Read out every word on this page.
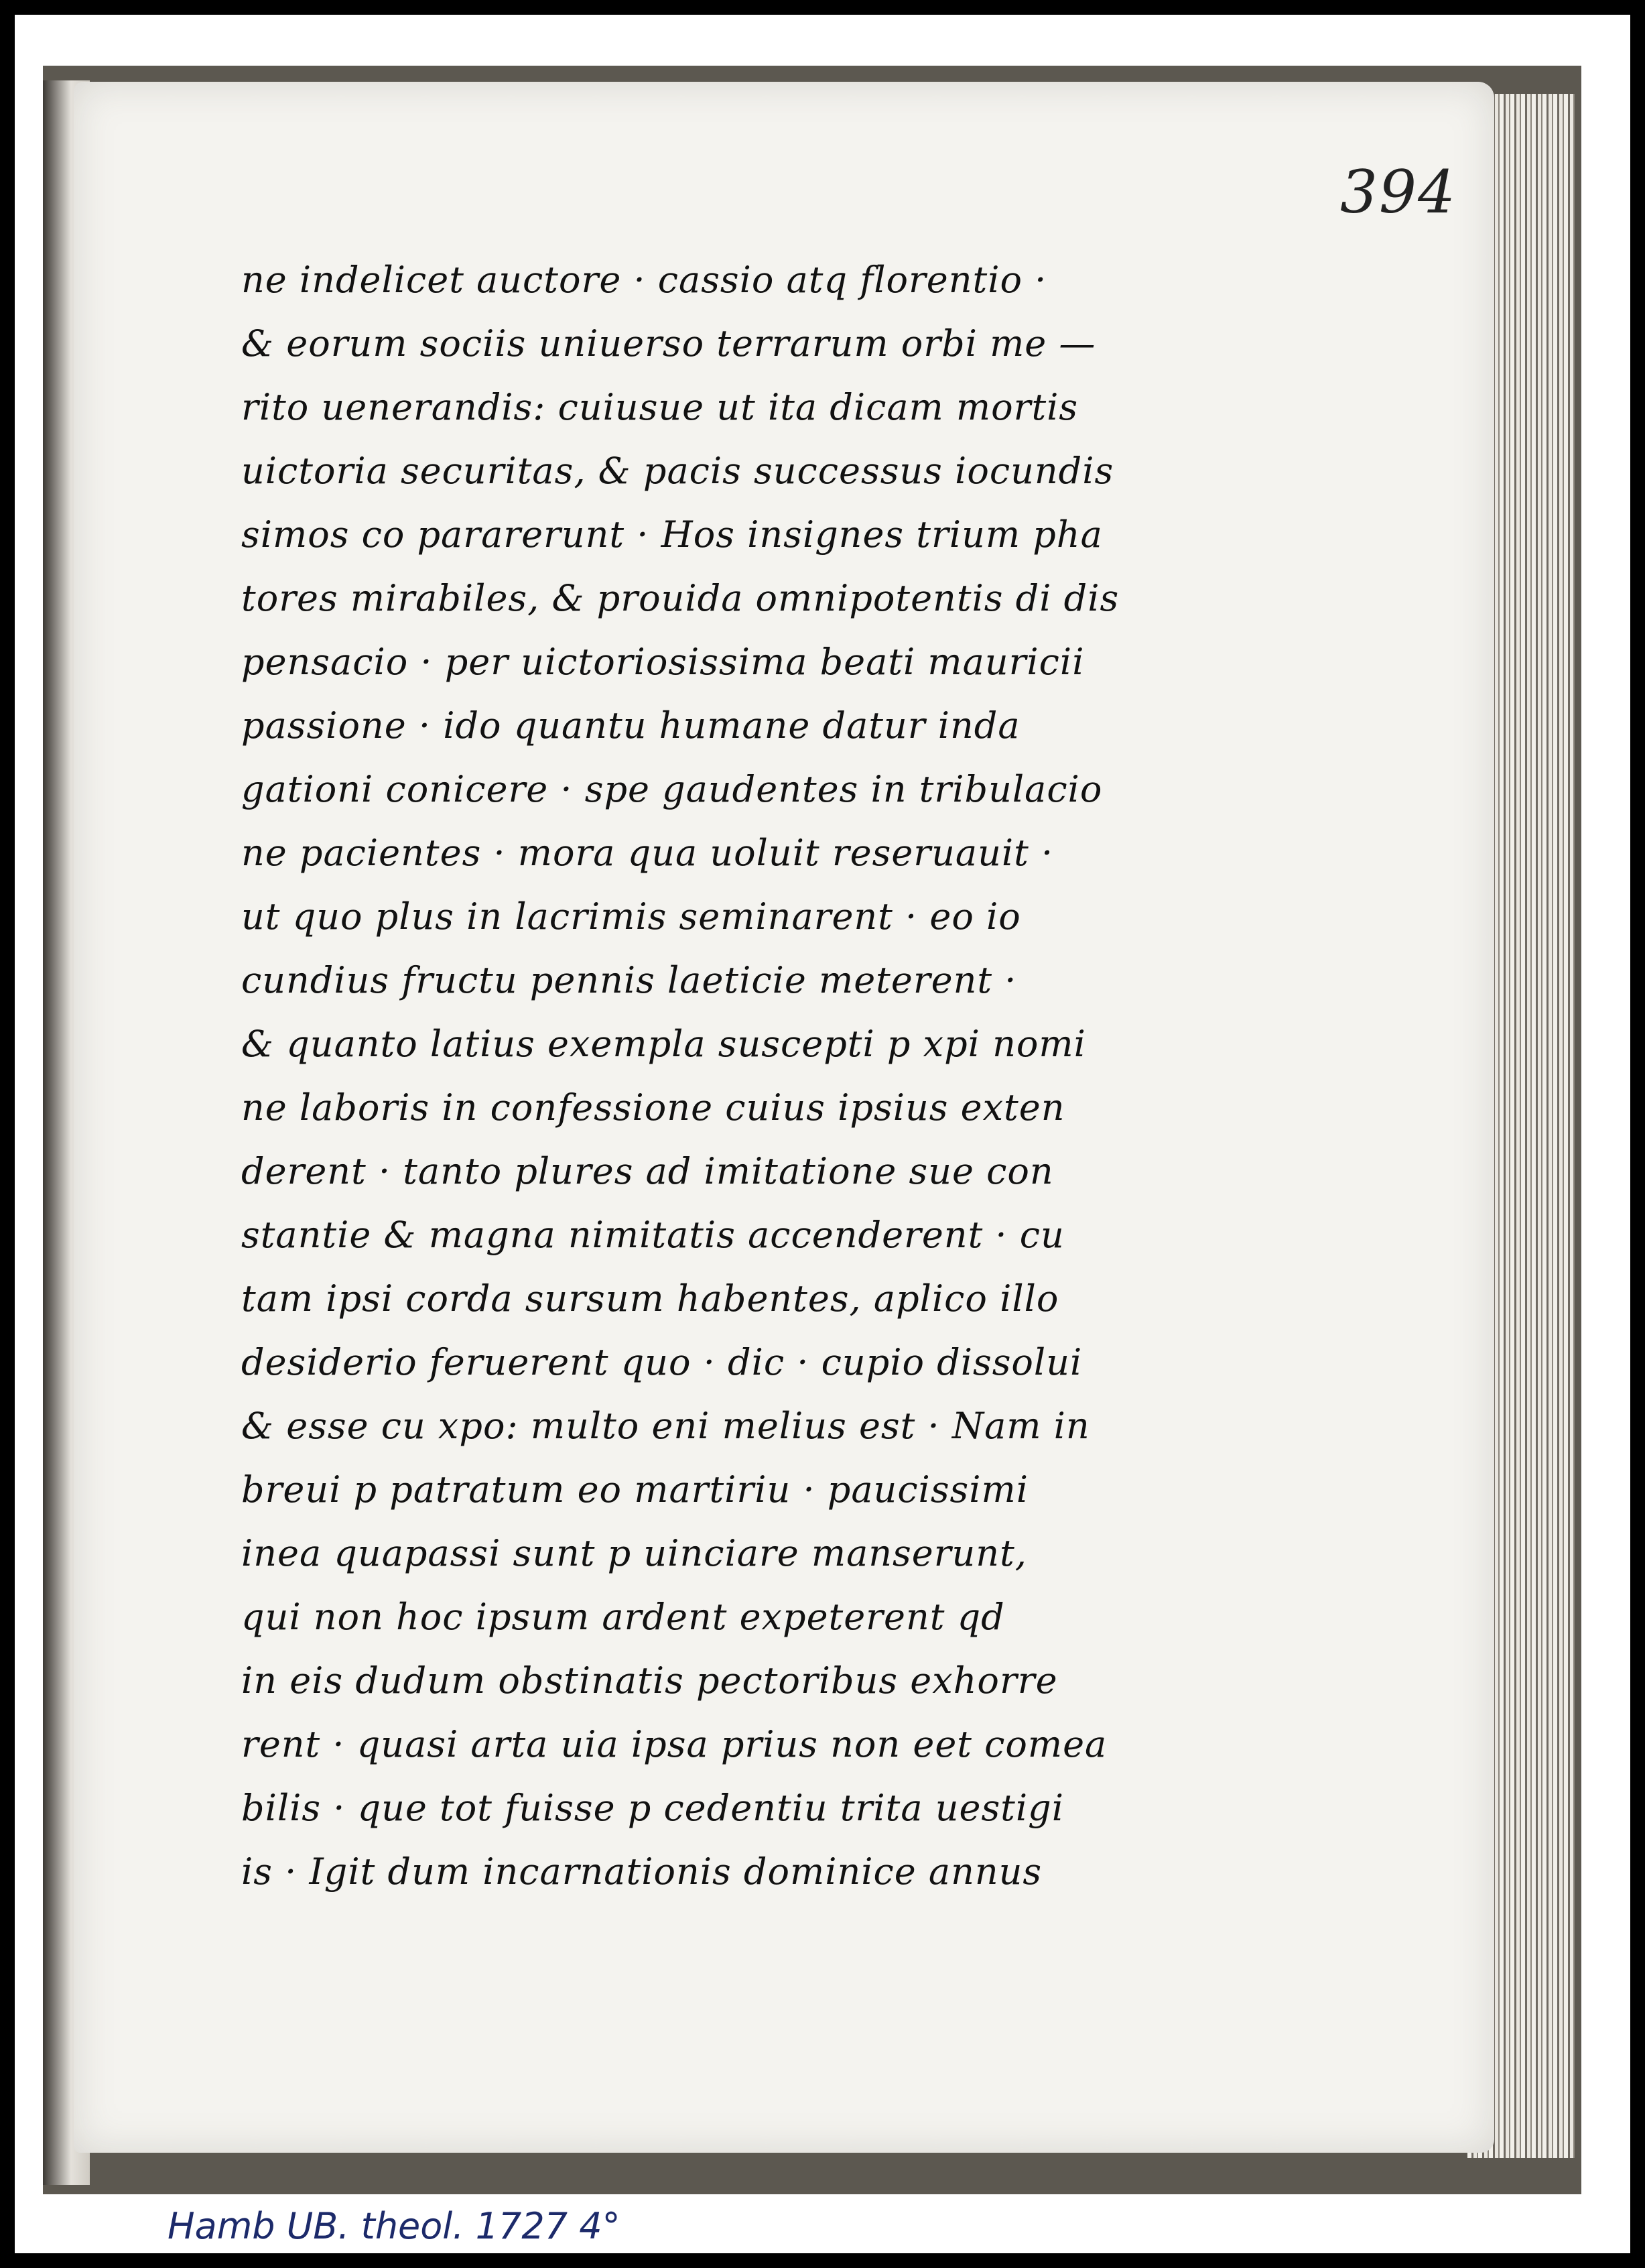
394

ne indelicet auctore · cassio atq florentio ·
& eorum sociis uniuerso terrarum orbi me —
rito uenerandis: cuiusue ut ita dicam mortis
uictoria securitas, & pacis successus iocundis
simos co pararerunt · Hos insignes trium pha
tores mirabiles, & prouida omnipotentis di dis
pensacio · per uictoriosissima beati mauricii
passione · ido quantu humane datur inda
gationi conicere · spe gaudentes in tribulacio
ne pacientes · mora qua uoluit reseruauit ·
ut quo plus in lacrimis seminarent · eo io
cundius fructu pennis laeticie meterent ·
& quanto latius exempla suscepti p xpi nomi
ne laboris in confessione cuius ipsius exten
derent · tanto plures ad imitatione sue con
stantie & magna nimitatis accenderent · cu
tam ipsi corda sursum habentes, aplico illo
desiderio feruerent quo · dic · cupio dissolui
& esse cu xpo: multo eni melius est · Nam in
breui p patratum eo martiriu · paucissimi
inea quapassi sunt p uinciare manserunt,
qui non hoc ipsum ardent expeterent qd
in eis dudum obstinatis pectoribus exhorre
rent · quasi arta uia ipsa prius non eet comea
bilis · que tot fuisse p cedentiu trita uestigi
is · Igit dum incarnationis dominice annus

Hamb UB. theol. 1727 4°
